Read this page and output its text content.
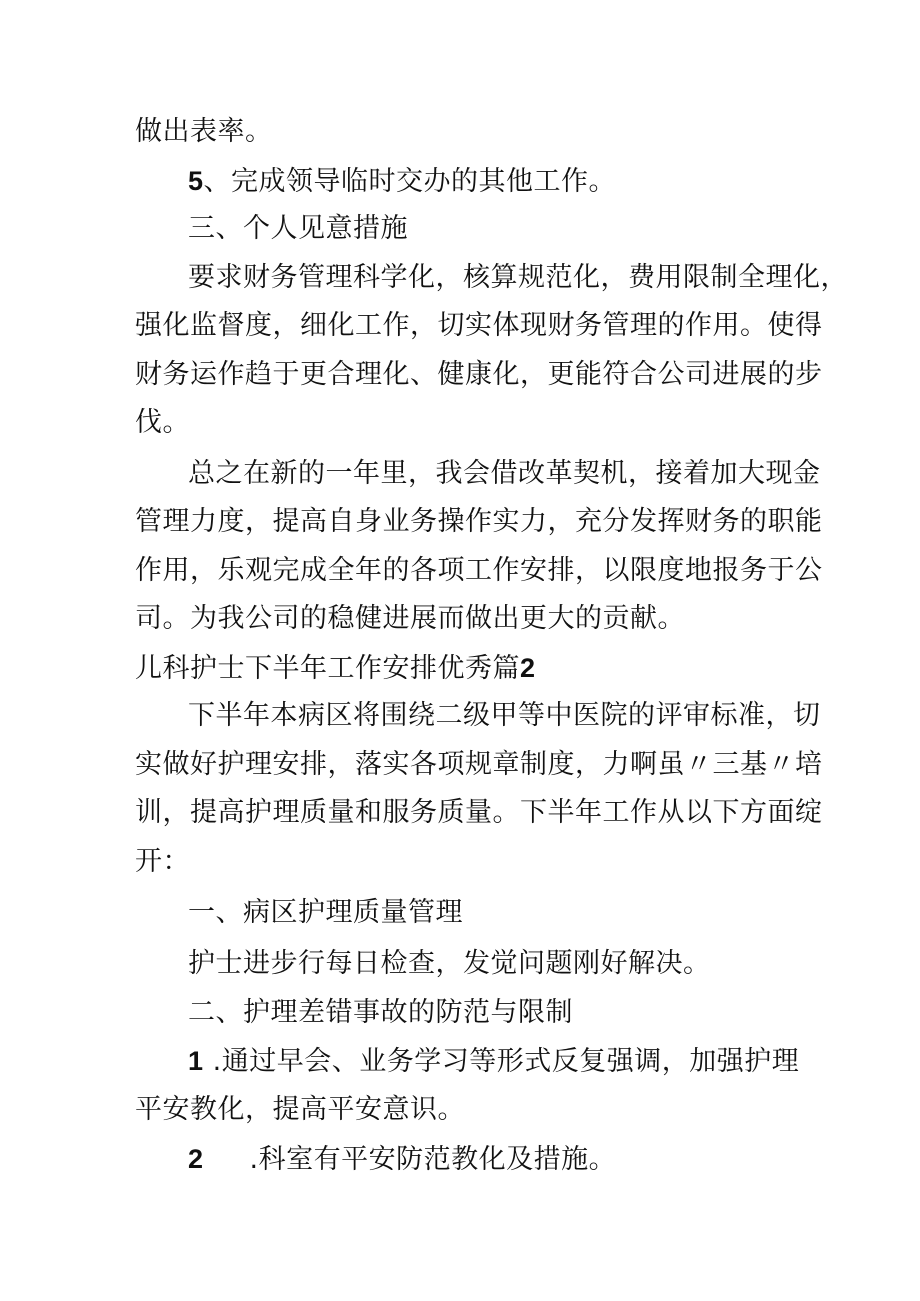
做出表率。
5、完成领导临时交办的其他工作。
三、个人见意措施
要求财务管理科学化，核算规范化，费用限制全理化，
强化监督度，细化工作，切实体现财务管理的作用。使得
财务运作趋于更合理化、健康化，更能符合公司进展的步
伐。
总之在新的一年里，我会借改革契机，接着加大现金
管理力度，提高自身业务操作实力，充分发挥财务的职能
作用，乐观完成全年的各项工作安排，以限度地报务于公
司。为我公司的稳健进展而做出更大的贡献。
儿科护士下半年工作安排优秀篇2
下半年本病区将围绕二级甲等中医院的评审标准，切
实做好护理安排，落实各项规章制度，力啊虽〃三基〃培
训，提高护理质量和服务质量。下半年工作从以下方面绽
开：
一、病区护理质量管理
护士进步行每日检查，发觉问题刚好解决。
二、护理差错事故的防范与限制
1 .通过早会、业务学习等形式反复强调，加强护理
平安教化，提高平安意识。
2 .科室有平安防范教化及措施。
